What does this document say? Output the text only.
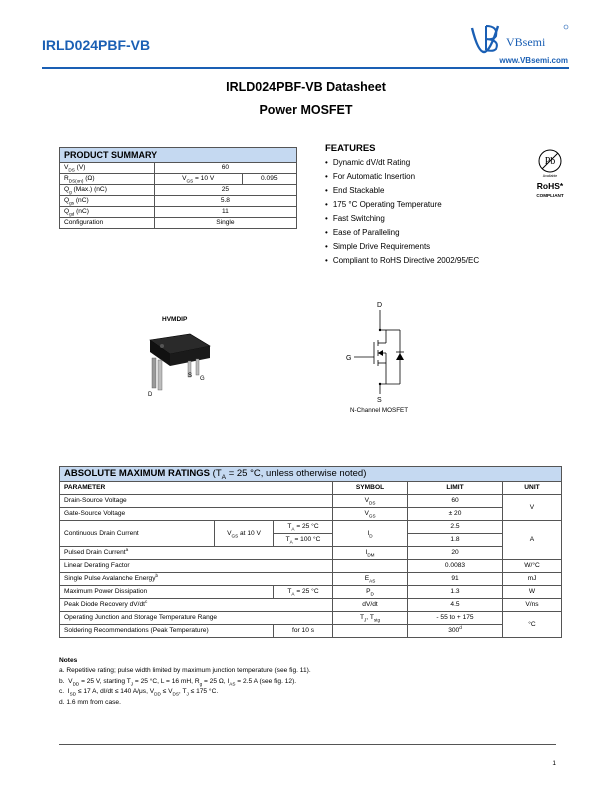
IRLD024PBF-VB	VBsemi
www.VBsemi.com
IRLD024PBF-VB Datasheet
Power MOSFET
PRODUCT SUMMARY		
$V_{DS}$ (V)	60	
$R_{DS(on)}$ (Ω)	$V_{GS} = 10$ V	0.095
$Q_g$ (Max.) (nC)	25	
$Q_{gs}$ (nC)	5.8	
$Q_{gd}$ (nC)	11	
Configuration	Single	
FEATURES
• Dynamic dV/dt Rating
• For Automatic Insertion
• End Stackable
• 175 °C Operating Temperature
• Fast Switching
• Ease of Paralleling
• Simple Drive Requirements
• Compliant to RoHS Directive 2002/95/EC
Pb
Available
RoHS*
COMPLIANT
HVMDIP
D
S G
D
G
S
N-Channel MOSFET
ABSOLUTE MAXIMUM RATINGS ($T_A = 25$ °C, unless otherwise noted)					
PARAMETER			SYMBOL	LIMIT	UNIT
Drain-Source Voltage			$V_{DS}$	60	V
Gate-Source Voltage			$V_{GS}$	± 20	
Continuous Drain Current	$V_{GS}$ at 10 V	$T_A = 25$ °C	$I_D$	2.5	A
		$T_A = 100$ °C		1.8	
Pulsed Drain Current$^a$			$I_{DM}$	20	
Linear Derating Factor				0.0083	W/°C
Single Pulse Avalanche Energy$^b$			$E_{AS}$	91	mJ
Maximum Power Dissipation		$T_A = 25$ °C	$P_D$	1.3	W
Peak Diode Recovery $dV/dt^c$			dV/dt	4.5	V/ns
Operating Junction and Storage Temperature Range			$T_J$, $T_{stg}$	- 55 to + 175	°C
Soldering Recommendations (Peak Temperature)		for 10 s		300$^d$
Notes
a. Repetitive rating; pulse width limited by maximum junction temperature (see fig. 11).
b.  $V_{DD} = 25$ V, starting $T_J = 25$ °C, L = 16 mH, $R_g = 25$ Ω, $I_{AS} = 2.5$ A (see fig. 12).
c.  $I_{SD} \le 17$ A, dI/dt ≤ 140 A/μs, $V_{DD} \le V_{DS}$, $T_J \le 175$ °C.
d. 1.6 mm from case.
1
